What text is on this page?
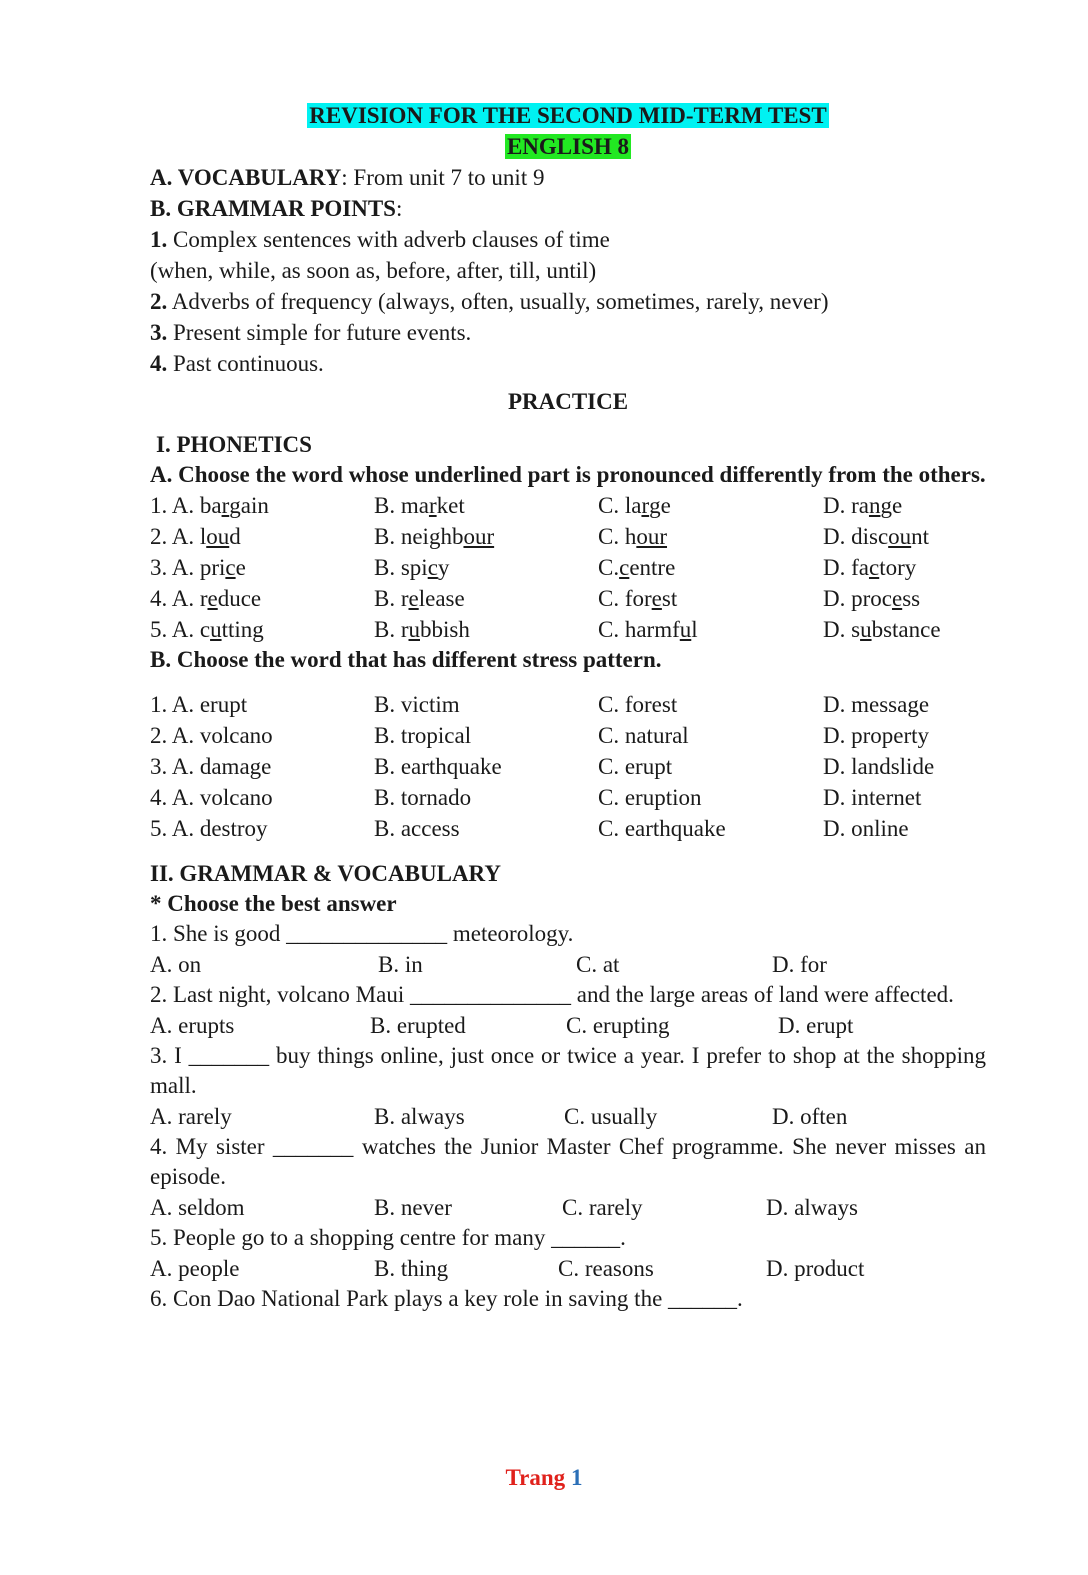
REVISION FOR THE SECOND MID-TERM TEST
ENGLISH 8
A. VOCABULARY: From unit 7 to unit 9
B. GRAMMAR POINTS:
1. Complex sentences with adverb clauses of time
(when, while, as soon as, before, after, till, until)
2. Adverbs of frequency (always, often, usually, sometimes, rarely, never)
3. Present simple for future events.
4. Past continuous.
PRACTICE
I. PHONETICS
A. Choose the word whose underlined part is pronounced differently from the others.
1. A. bargain	B. market	C. large	D. range
2. A. loud	B. neighbour	C. hour	D. discount
3. A. price	B. spicy	C.centre	D. factory
4. A. reduce	B. release	C. forest	D. process
5. A. cutting	B. rubbish	C. harmful	D. substance
B. Choose the word that has different stress pattern.
1. A. erupt	B. victim	C. forest	D. message
2. A. volcano	B. tropical	C. natural	D. property
3. A. damage	B. earthquake	C. erupt	D. landslide
4. A. volcano	B. tornado	C. eruption	D. internet
5. A. destroy	B. access	C. earthquake	D. online
II. GRAMMAR & VOCABULARY
* Choose the best answer
1. She is good ______________ meteorology.
A. on	B. in	C. at	D. for
2. Last night, volcano Maui ______________ and the large areas of land were affected.
A. erupts	B. erupted	C. erupting	D. erupt
3. I _______ buy things online, just once or twice a year. I prefer to shop at the shopping mall.
A. rarely	B. always	C. usually	D. often
4. My sister _______ watches the Junior Master Chef programme. She never misses an episode.
A. seldom	B. never	C. rarely	D. always
5. People go to a shopping centre for many ______.
A. people	B. thing	C. reasons	D. product
6. Con Dao National Park plays a key role in saving the ______.
Trang 1
